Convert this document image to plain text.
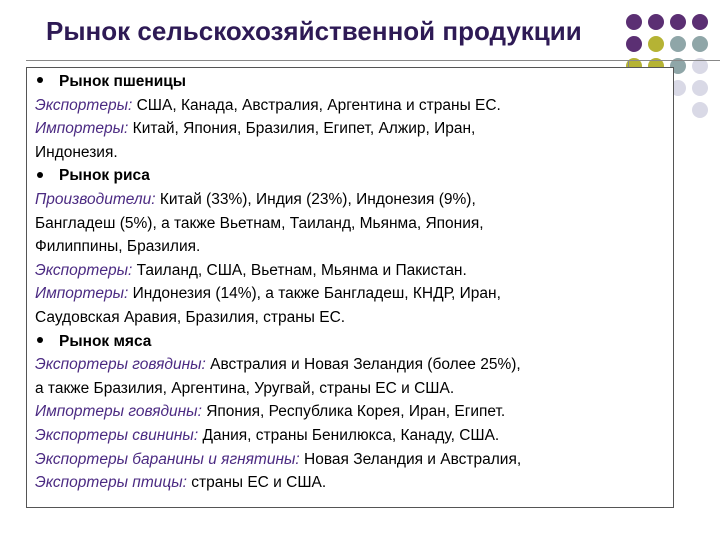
Рынок сельскохозяйственной продукции
Рынок пшеницы
Экспортеры: США, Канада, Австралия, Аргентина и страны ЕС.
Импортеры: Китай, Япония, Бразилия, Египет, Алжир, Иран,
Индонезия.
Рынок риса
Производители: Китай (33%), Индия (23%), Индонезия (9%),
Бангладеш (5%), а также Вьетнам, Таиланд, Мьянма, Япония,
Филиппины, Бразилия.
Экспортеры: Таиланд, США, Вьетнам, Мьянма и Пакистан.
Импортеры: Индонезия (14%), а также Бангладеш, КНДР, Иран,
Саудовская Аравия, Бразилия, страны ЕС.
Рынок мяса
Экспортеры говядины: Австралия и Новая Зеландия (более 25%),
а также Бразилия, Аргентина, Уругвай, страны ЕС и США.
Импортеры говядины: Япония, Республика Корея, Иран, Египет.
Экспортеры свинины: Дания, страны Бенилюкса, Канаду, США.
Экспортеры баранины и ягнятины: Новая Зеландия и Австралия,
Экспортеры птицы: страны ЕС и США.
